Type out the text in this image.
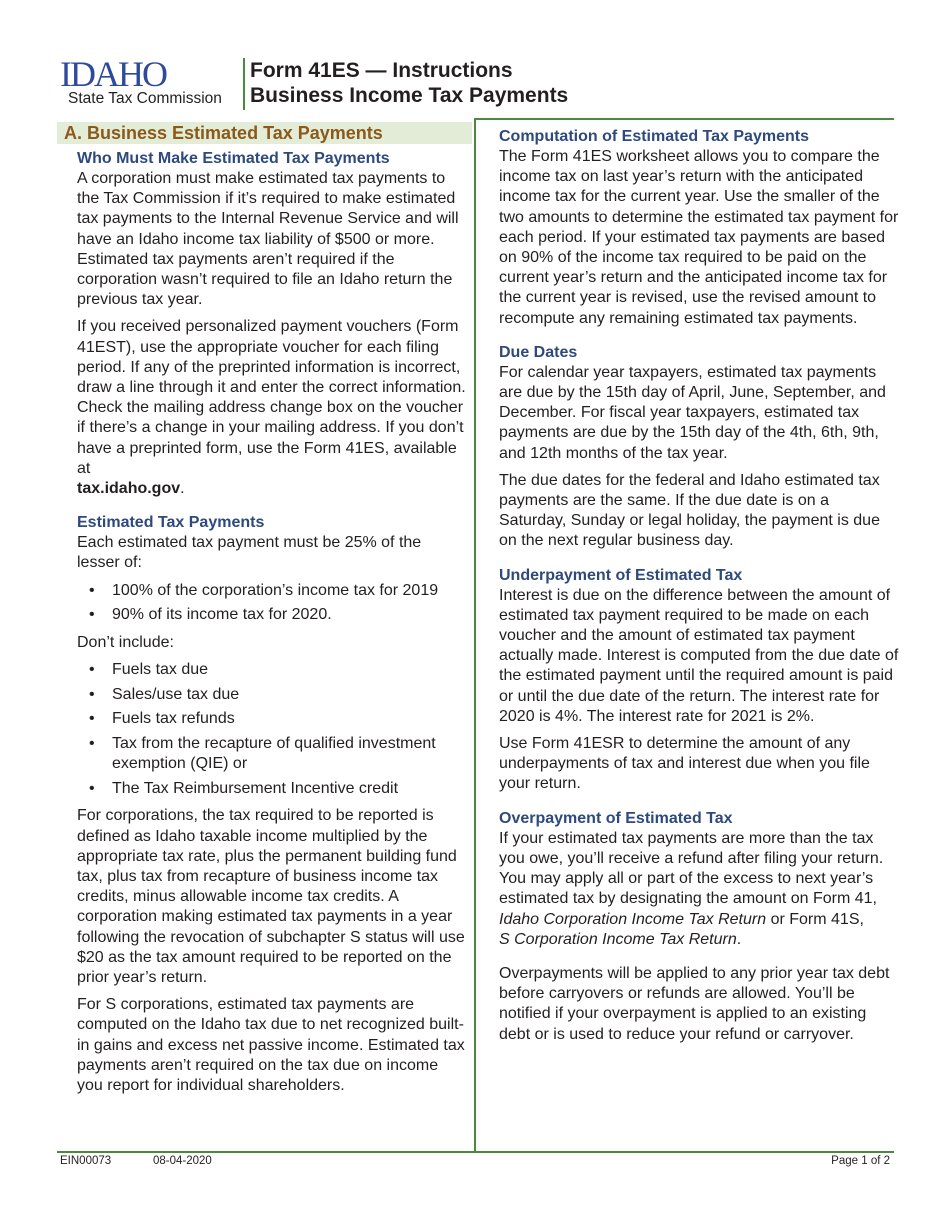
IDAHO
State Tax Commission
Form 41ES — Instructions
Business Income Tax Payments
A. Business Estimated Tax Payments
Who Must Make Estimated Tax Payments

A corporation must make estimated tax payments to the Tax Commission if it’s required to make estimated tax payments to the Internal Revenue Service and will have an Idaho income tax liability of $500 or more. Estimated tax payments aren’t required if the corporation wasn’t required to file an Idaho return the previous tax year.

If you received personalized payment vouchers (Form 41EST), use the appropriate voucher for each filing period. If any of the preprinted information is incorrect, draw a line through it and enter the correct information. Check the mailing address change box on the voucher if there’s a change in your mailing address. If you don’t have a preprinted form, use the Form 41ES, available at
tax.idaho.gov.

Estimated Tax Payments

Each estimated tax payment must be 25% of the lesser of:

• 100% of the corporation’s income tax for 2019
• 90% of its income tax for 2020.

Don’t include:

• Fuels tax due
• Sales/use tax due
• Fuels tax refunds
• Tax from the recapture of qualified investment exemption (QIE) or
• The Tax Reimbursement Incentive credit

For corporations, the tax required to be reported is defined as Idaho taxable income multiplied by the appropriate tax rate, plus the permanent building fund tax, plus tax from recapture of business income tax credits, minus allowable income tax credits. A corporation making estimated tax payments in a year following the revocation of subchapter S status will use $20 as the tax amount required to be reported on the prior year’s return.

For S corporations, estimated tax payments are computed on the Idaho tax due to net recognized built-in gains and excess net passive income. Estimated tax payments aren’t required on the tax due on income you report for individual shareholders.

Computation of Estimated Tax Payments

The Form 41ES worksheet allows you to compare the income tax on last year’s return with the anticipated income tax for the current year. Use the smaller of the two amounts to determine the estimated tax payment for each period. If your estimated tax payments are based on 90% of the income tax required to be paid on the current year’s return and the anticipated income tax for the current year is revised, use the revised amount to recompute any remaining estimated tax payments.

Due Dates

For calendar year taxpayers, estimated tax payments are due by the 15th day of April, June, September, and December. For fiscal year taxpayers, estimated tax payments are due by the 15th day of the 4th, 6th, 9th, and 12th months of the tax year.

The due dates for the federal and Idaho estimated tax payments are the same. If the due date is on a Saturday, Sunday or legal holiday, the payment is due on the next regular business day.

Underpayment of Estimated Tax

Interest is due on the difference between the amount of estimated tax payment required to be made on each voucher and the amount of estimated tax payment actually made. Interest is computed from the due date of the estimated payment until the required amount is paid or until the due date of the return. The interest rate for 2020 is 4%. The interest rate for 2021 is 2%.

Use Form 41ESR to determine the amount of any underpayments of tax and interest due when you file your return.

Overpayment of Estimated Tax

If your estimated tax payments are more than the tax you owe, you’ll receive a refund after filing your return. You may apply all or part of the excess to next year’s estimated tax by designating the amount on Form 41,
Idaho Corporation Income Tax Return or Form 41S,
S Corporation Income Tax Return.

Overpayments will be applied to any prior year tax debt before carryovers or refunds are allowed. You’ll be notified if your overpayment is applied to an existing debt or is used to reduce your refund or carryover.

EIN00073	08-04-2020	Page 1 of 2
